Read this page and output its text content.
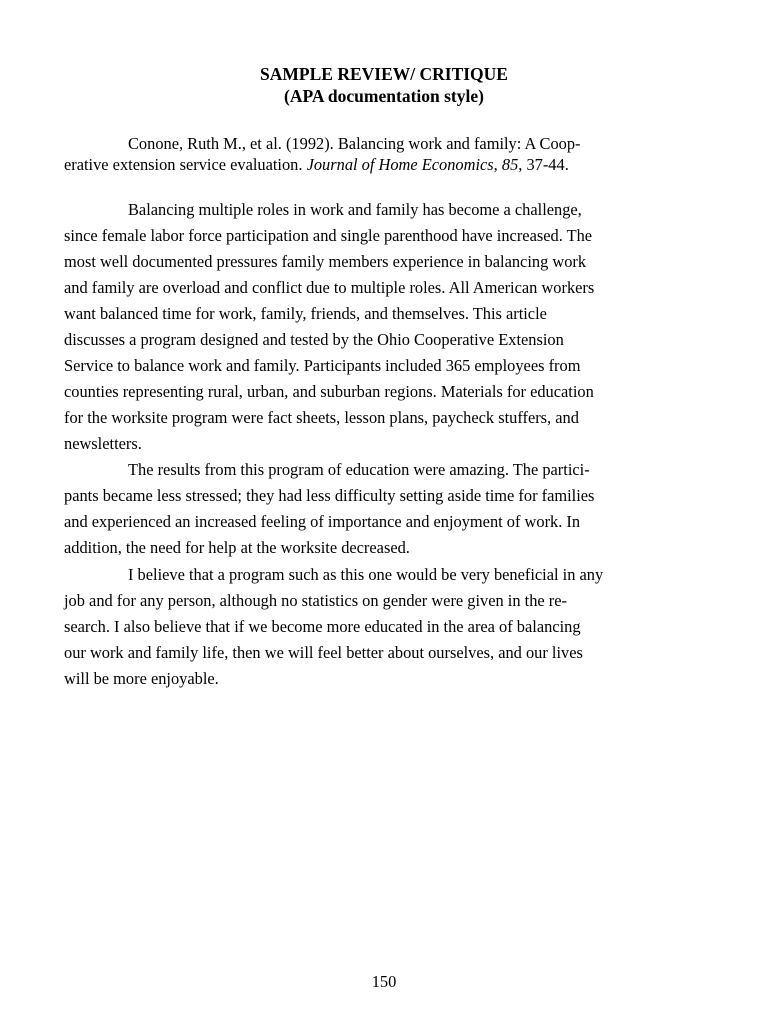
SAMPLE REVIEW/ CRITIQUE

(APA documentation style)

Conone, Ruth M., et al. (1992). Balancing work and family: A Coop-

erative extension service evaluation. Journal of Home Economics, 85, 37-44.

Balancing multiple roles in work and family has become a challenge,

since female labor force participation and single parenthood have increased. The

most well documented pressures family members experience in balancing work

and family are overload and conflict due to multiple roles. All American workers

want balanced time for work, family, friends, and themselves. This article

discusses a program designed and tested by the Ohio Cooperative Extension

Service to balance work and family. Participants included 365 employees from

counties representing rural, urban, and suburban regions. Materials for education

for the worksite program were fact sheets, lesson plans, paycheck stuffers, and

newsletters.

The results from this program of education were amazing. The partici-

pants became less stressed; they had less difficulty setting aside time for families

and experienced an increased feeling of importance and enjoyment of work. In

addition, the need for help at the worksite decreased.

I believe that a program such as this one would be very beneficial in any

job and for any person, although no statistics on gender were given in the re-

search. I also believe that if we become more educated in the area of balancing

our work and family life, then we will feel better about ourselves, and our lives

will be more enjoyable.

150
